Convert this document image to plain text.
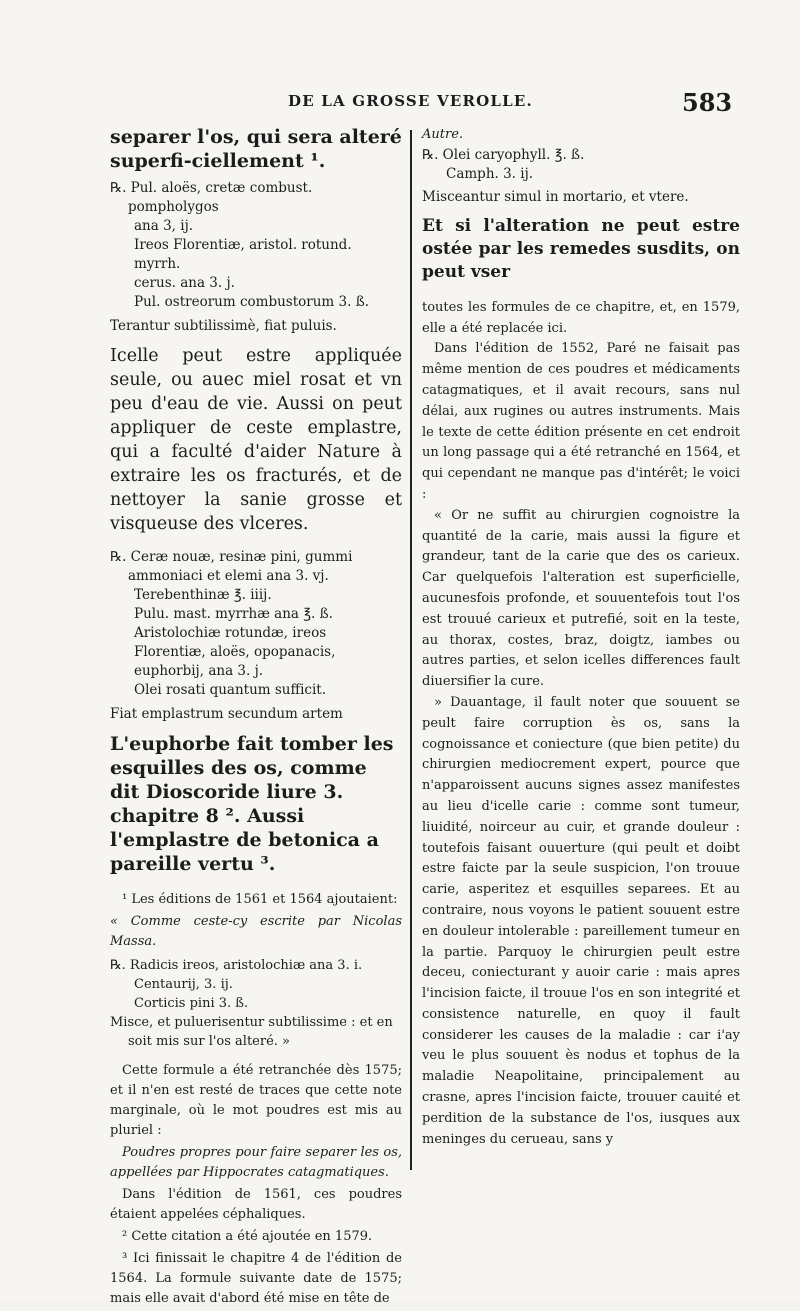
DE LA GROSSE VEROLLE.	583

separer l'os, qui sera alteré superfi-ciellement ¹.

℞. Pul. aloës, cretæ combust. pompholygos
ana 3, ij.
Ireos Florentiæ, aristol. rotund. myrrh.
cerus. ana 3. j.
Pul. ostreorum combustorum 3. ß.

Terantur subtilissimè, fiat puluis.

Icelle peut estre appliquée seule, ou auec miel rosat et vn peu d'eau de vie. Aussi on peut appliquer de ceste emplastre, qui a faculté d'aider Nature à extraire les os fracturés, et de nettoyer la sanie grosse et visqueuse des vlceres.

℞. Ceræ nouæ, resinæ pini, gummi ammoniaci et elemi ana 3. vj.
Terebenthinæ ℥. iiij.
Pulu. mast. myrrhæ ana ℥. ß.
Aristolochiæ rotundæ, ireos Florentiæ, aloës, opopanacis, euphorbij, ana 3. j.
Olei rosati quantum sufficit.

Fiat emplastrum secundum artem

L'euphorbe fait tomber les esquilles des os, comme dit Dioscoride liure 3. chapitre 8 ². Aussi l'emplastre de betonica a pareille vertu ³.

¹ Les éditions de 1561 et 1564 ajoutaient:

« Comme ceste-cy escrite par Nicolas Massa.

℞. Radicis ireos, aristolochiæ ana 3. i.
Centaurij, 3. ij.
Corticis pini 3. ß.
Misce, et puluerisentur subtilissime : et en soit mis sur l'os alteré. »

Cette formule a été retranchée dès 1575; et il n'en est resté de traces que cette note marginale, où le mot poudres est mis au pluriel :

Poudres propres pour faire separer les os, appellées par Hippocrates catagmatiques.

Dans l'édition de 1561, ces poudres étaient appelées céphaliques.

² Cette citation a été ajoutée en 1579.

³ Ici finissait le chapitre 4 de l'édition de 1564. La formule suivante date de 1575; mais elle avait d'abord été mise en tête de

Autre.

℞. Olei caryophyll. ℥. ß.
Camph. 3. ij.

Misceantur simul in mortario, et vtere.

Et si l'alteration ne peut estre ostée par les remedes susdits, on peut vser

toutes les formules de ce chapitre, et, en 1579, elle a été replacée ici.

Dans l'édition de 1552, Paré ne faisait pas même mention de ces poudres et médicaments catagmatiques, et il avait recours, sans nul délai, aux rugines ou autres instruments. Mais le texte de cette édition présente en cet endroit un long passage qui a été retranché en 1564, et qui cependant ne manque pas d'intérêt; le voici :

« Or ne suffit au chirurgien cognoistre la quantité de la carie, mais aussi la figure et grandeur, tant de la carie que des os carieux. Car quelquefois l'alteration est superficielle, aucunesfois profonde, et souuentefois tout l'os est trouué carieux et putrefié, soit en la teste, au thorax, costes, braz, doigtz, iambes ou autres parties, et selon icelles differences fault diuersifier la cure.

» Dauantage, il fault noter que souuent se peult faire corruption ès os, sans la cognoissance et coniecture (que bien petite) du chirurgien mediocrement expert, pource que n'apparoissent aucuns signes assez manifestes au lieu d'icelle carie : comme sont tumeur, liuidité, noirceur au cuir, et grande douleur : toutefois faisant ouuerture (qui peult et doibt estre faicte par la seule suspicion, l'on trouue carie, asperitez et esquilles separees. Et au contraire, nous voyons le patient souuent estre en douleur intolerable : pareillement tumeur en la partie. Parquoy le chirurgien peult estre deceu, coniecturant y auoir carie : mais apres l'incision faicte, il trouue l'os en son integrité et consistence naturelle, en quoy il fault considerer les causes de la maladie : car i'ay veu le plus souuent ès nodus et tophus de la maladie Neapolitaine, principalement au crasne, apres l'incision faicte, trouuer cauité et perdition de la substance de l'os, iusques aux meninges du cerueau, sans y
